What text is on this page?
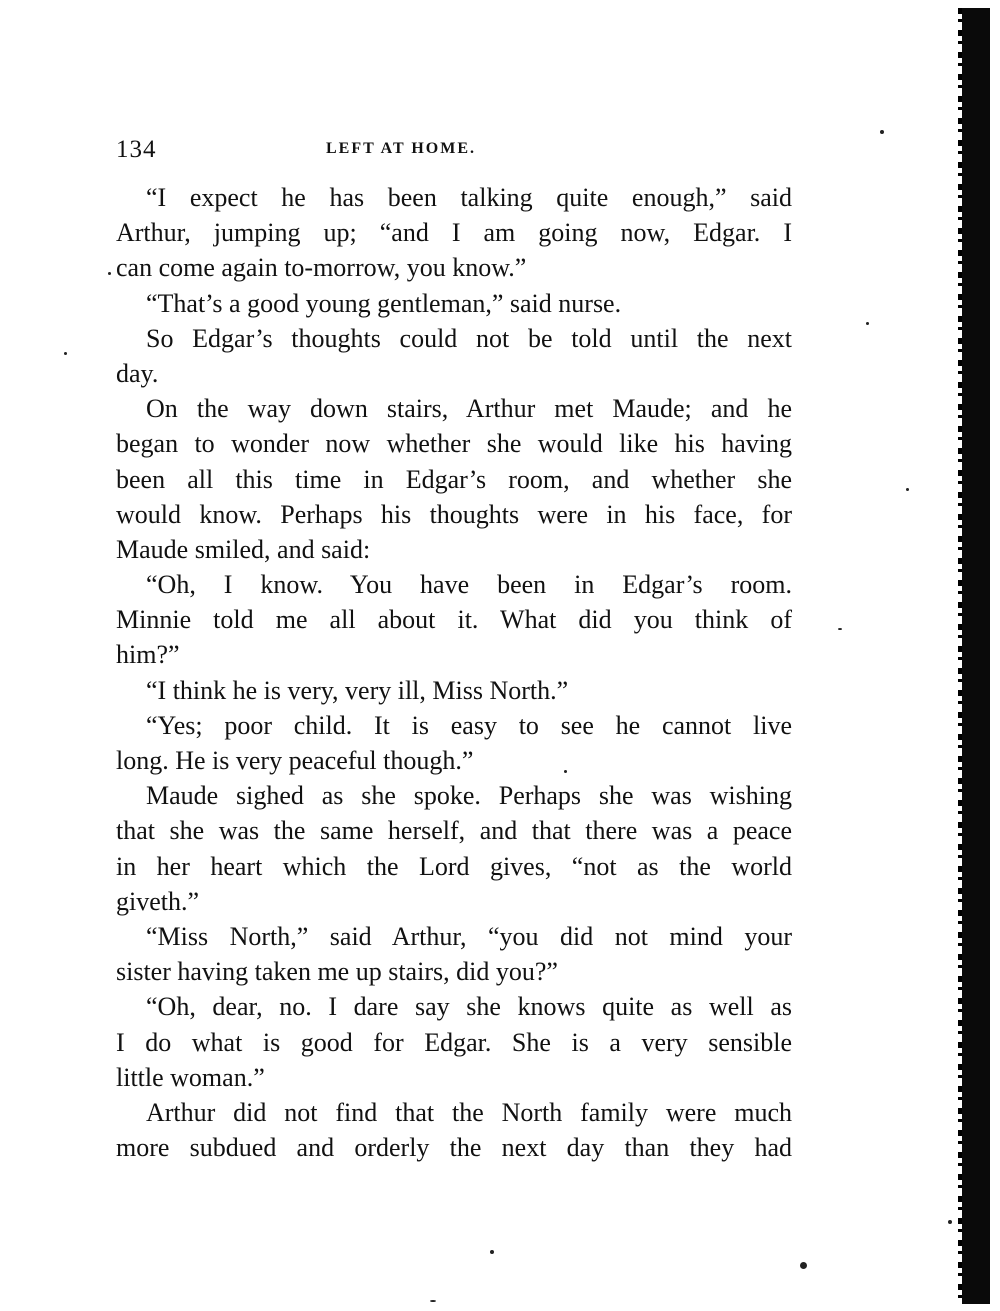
134	LEFT AT HOME.
“I expect he has been talking quite enough,” said
Arthur, jumping up; “and I am going now, Edgar. I
can come again to-morrow, you know.”
“That’s a good young gentleman,” said nurse.
So Edgar’s thoughts could not be told until the next
day.
On the way down stairs, Arthur met Maude; and he
began to wonder now whether she would like his having
been all this time in Edgar’s room, and whether she
would know. Perhaps his thoughts were in his face, for
Maude smiled, and said:
“Oh, I know. You have been in Edgar’s room.
Minnie told me all about it. What did you think of
him?”
“I think he is very, very ill, Miss North.”
“Yes; poor child. It is easy to see he cannot live
long. He is very peaceful though.”
Maude sighed as she spoke. Perhaps she was wishing
that she was the same herself, and that there was a peace
in her heart which the Lord gives, “not as the world
giveth.”
“Miss North,” said Arthur, “you did not mind your
sister having taken me up stairs, did you?”
“Oh, dear, no. I dare say she knows quite as well as
I do what is good for Edgar. She is a very sensible
little woman.”
Arthur did not find that the North family were much
more subdued and orderly the next day than they had
